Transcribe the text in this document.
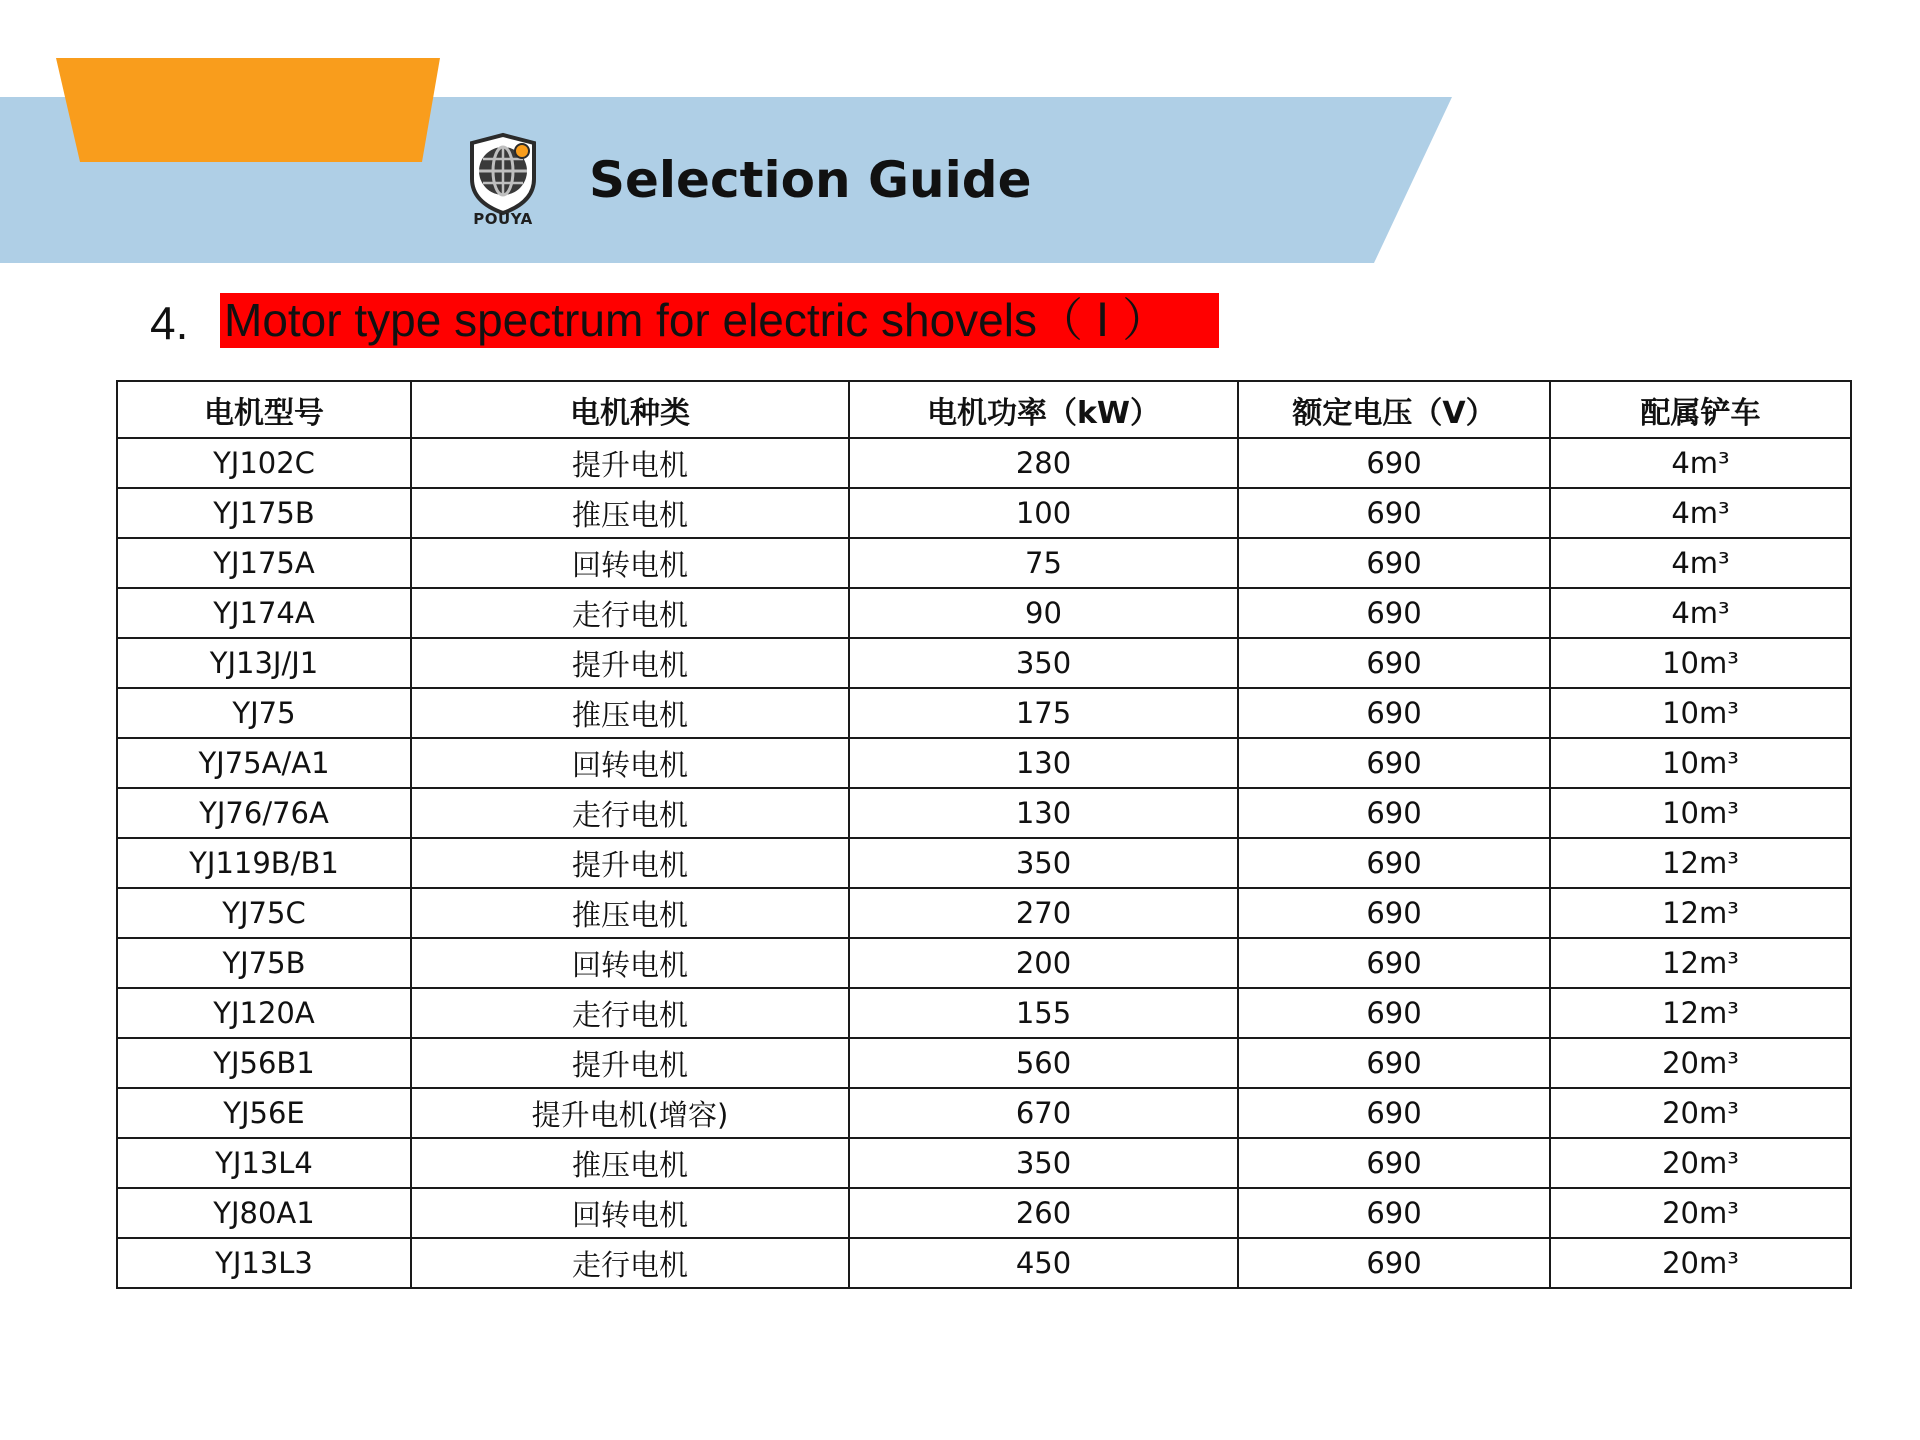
POUYA
Selection Guide
4. Motor type spectrum for electric shovels（ Ⅰ ）
电机型号	电机种类	电机功率（kW）	额定电压（V）	配属铲车
YJ102C	提升电机	280	690	4m³
YJ175B	推压电机	100	690	4m³
YJ175A	回转电机	75	690	4m³
YJ174A	走行电机	90	690	4m³
YJ13J/J1	提升电机	350	690	10m³
YJ75	推压电机	175	690	10m³
YJ75A/A1	回转电机	130	690	10m³
YJ76/76A	走行电机	130	690	10m³
YJ119B/B1	提升电机	350	690	12m³
YJ75C	推压电机	270	690	12m³
YJ75B	回转电机	200	690	12m³
YJ120A	走行电机	155	690	12m³
YJ56B1	提升电机	560	690	20m³
YJ56E	提升电机(增容)	670	690	20m³
YJ13L4	推压电机	350	690	20m³
YJ80A1	回转电机	260	690	20m³
YJ13L3	走行电机	450	690	20m³
